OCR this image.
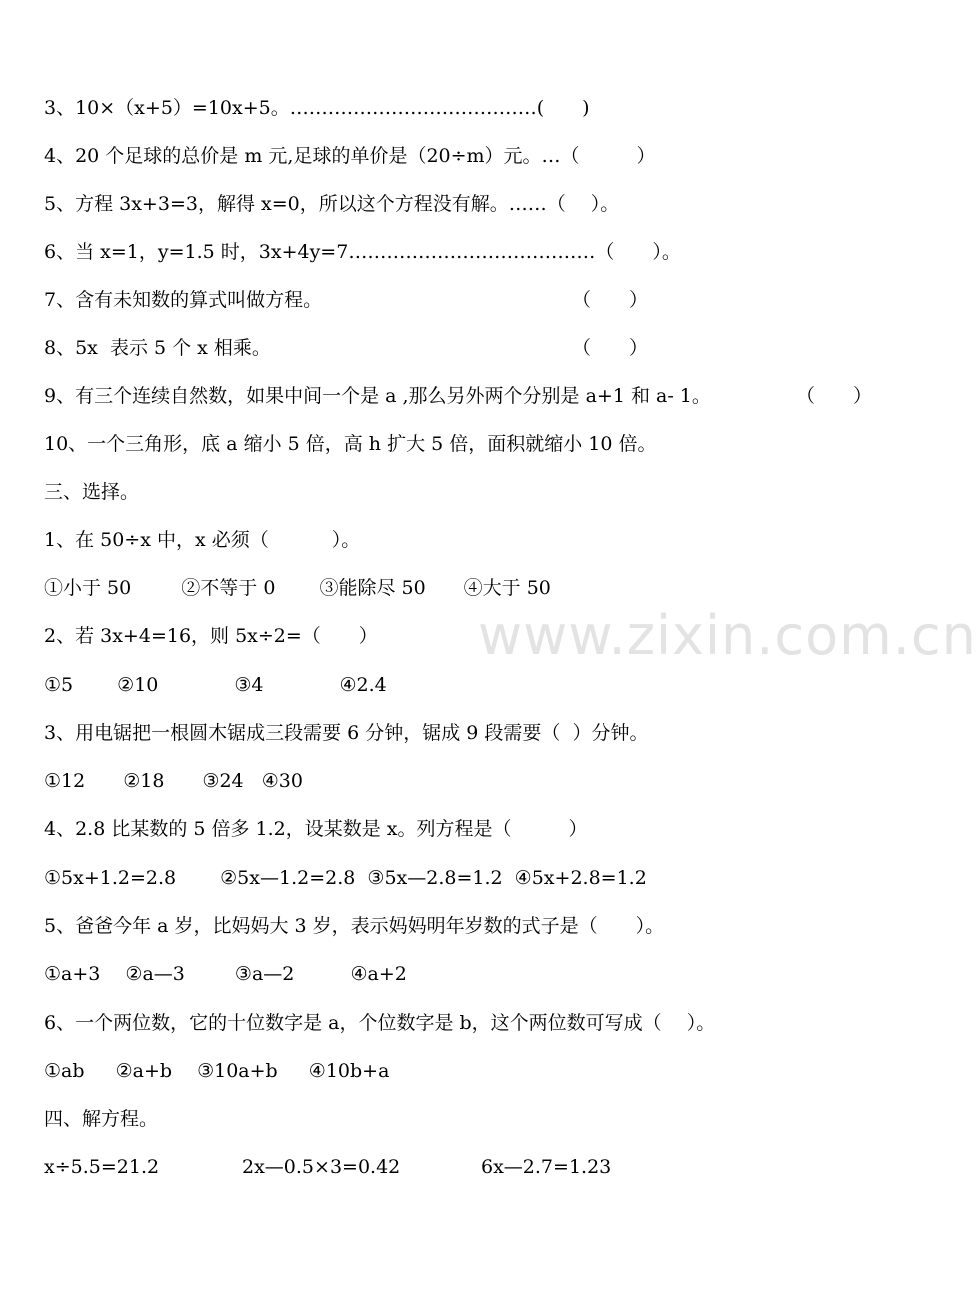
www.zixin.com.cn
3、10×（x+5）=10x+5。…………………………………(　　)
4、20 个足球的总价是 m 元,足球的单价是（20÷m）元。…（　　　）
5、方程 3x+3=3，解得 x=0，所以这个方程没有解。……（　 ）。
6、当 x=1，y=1.5 时，3x+4y=7…………………………………（　　）。
7、含有未知数的算式叫做方程。	（　　）
8、5x  表示 5 个 x 相乘。	（　　）
9、有三个连续自然数，如果中间一个是 a ,那么另外两个分别是 a+1 和 a- 1。	（　　）
10、一个三角形，底 a 缩小 5 倍，高 h 扩大 5 倍，面积就缩小 10 倍。
三、选择。
1、在 50÷x 中，x 必须（　　　 ）。
①小于 50　　  ②不等于 0　　 ③能除尽 50　　④大于 50
2、若 3x+4=16，则 5x÷2=（　　）
①5　　 ②10　　　　③4　　　　④2.4
3、用电锯把一根圆木锯成三段需要 6 分钟，锯成 9 段需要（  ）分钟。
①12　　②18　　③24   ④30
4、2.8 比某数的 5 倍多 1.2，设某数是 x。列方程是（　　　）
①5x+1.2=2.8　　 ②5x—1.2=2.8  ③5x—2.8=1.2  ④5x+2.8=1.2
5、爸爸今年 a 岁，比妈妈大 3 岁，表示妈妈明年岁数的式子是（　　）。
①a+3　 ②a—3　　  ③a—2　　   ④a+2
6、一个两位数，它的十位数字是 a，个位数字是 b，这个两位数可写成（　 ）。
①ab　  ②a+b　 ③10a+b　  ④10b+a
四、解方程。
x÷5.5=21.2	2x—0.5×3=0.42	6x—2.7=1.23
